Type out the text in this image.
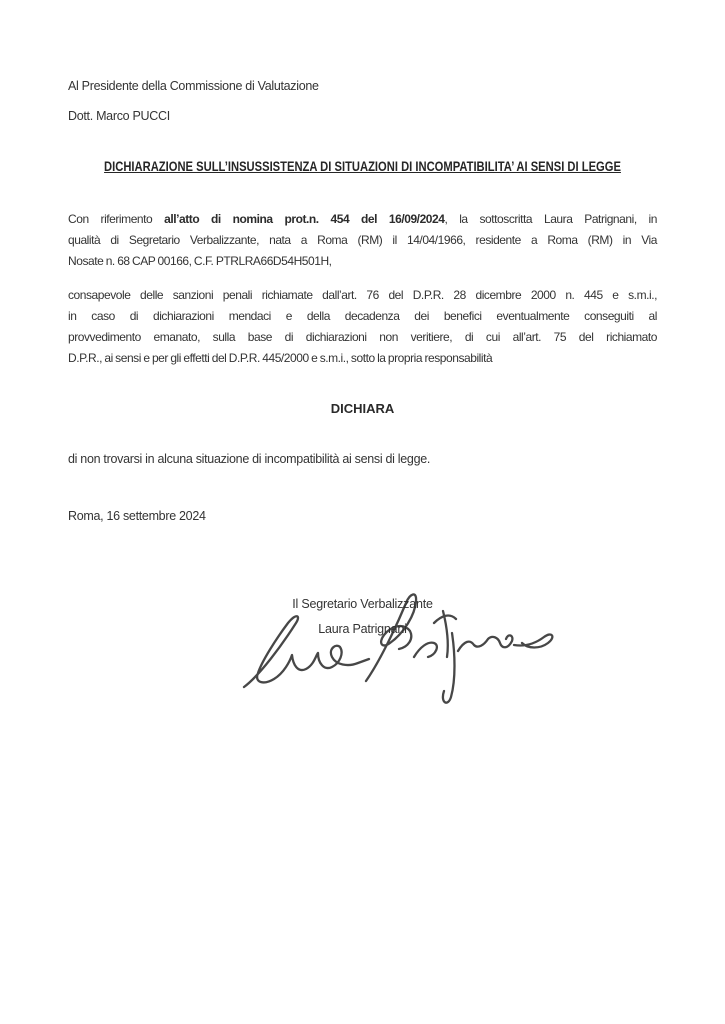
Al Presidente della Commissione di Valutazione
Dott. Marco PUCCI
DICHIARAZIONE SULL’INSUSSISTENZA DI SITUAZIONI DI INCOMPATIBILITA’ AI SENSI DI LEGGE
Con riferimento all’atto di nomina prot.n. 454 del 16/09/2024, la sottoscritta Laura Patrignani, in
qualità di Segretario Verbalizzante, nata a Roma (RM) il 14/04/1966, residente a Roma (RM) in Via
Nosate n. 68 CAP 00166, C.F. PTRLRA66D54H501H,
consapevole delle sanzioni penali richiamate dall’art. 76 del D.P.R. 28 dicembre 2000 n. 445 e s.m.i.,
in caso di dichiarazioni mendaci e della decadenza dei benefici eventualmente conseguiti al
provvedimento emanato, sulla base di dichiarazioni non veritiere, di cui all’art. 75 del richiamato
D.P.R., ai sensi e per gli effetti del D.P.R. 445/2000 e s.m.i., sotto la propria responsabilità
DICHIARA
di non trovarsi in alcuna situazione di incompatibilità ai sensi di legge.
Roma, 16 settembre 2024
Il Segretario Verbalizzante
Laura Patrignani
